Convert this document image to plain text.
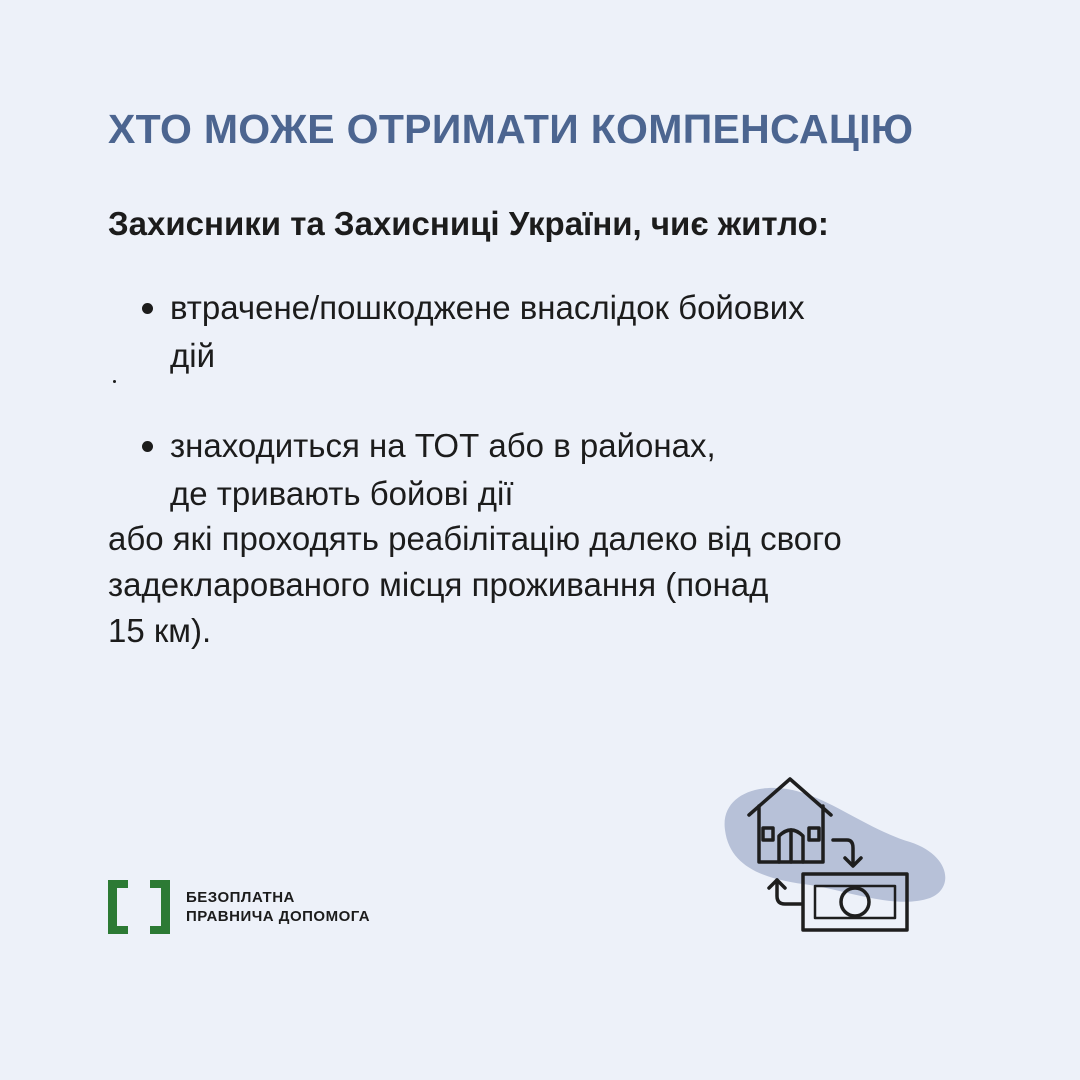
ХТО МОЖЕ ОТРИМАТИ КОМПЕНСАЦІЮ
Захисники та Захисниці України, чиє житло:
втрачене/пошкоджене внаслідок бойових
дій
знаходиться на ТОТ або в районах,
де тривають бойові дії
або які проходять реабілітацію далеко від свого
задекларованого місця проживання (понад
15 км).
БЕЗОПЛАТНА
ПРАВНИЧА ДОПОМОГА
